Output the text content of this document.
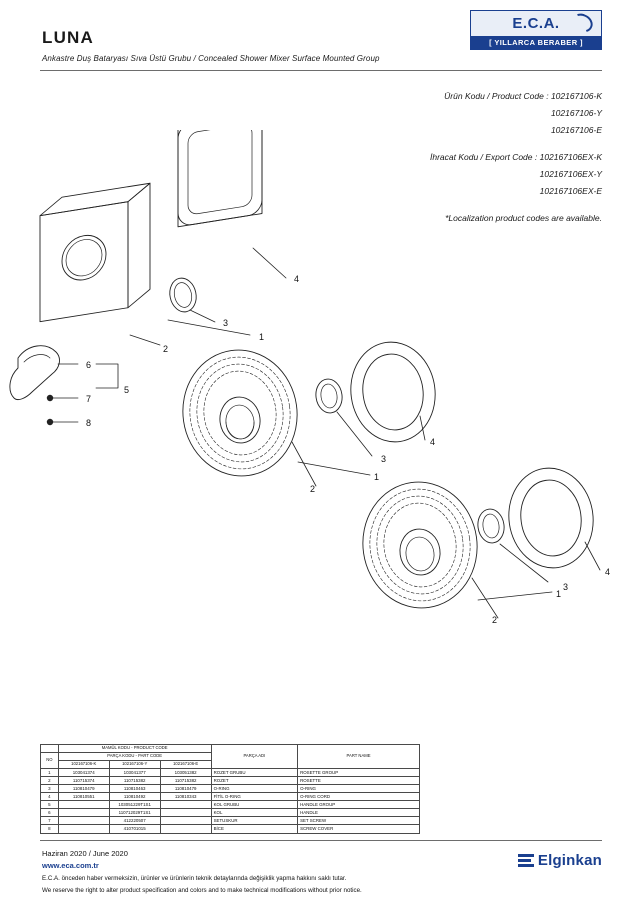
LUNA
Ankastre Duş Bataryası Sıva Üstü Grubu / Concealed Shower Mixer Surface Mounted Group
E.C.A.
[ YILLARCA BERABER ]
Ürün Kodu / Product Code : 102167106-K
102167106-Y
102167106-E
İhracat Kodu / Export Code : 102167106EX-K
102167106EX-Y
102167106EX-E
*Localization product codes are available.
4
3
2
1
6
5
7
8
4
3
2
1
4
3
2
1
	MAMÜL KODU - PRODUCT CODE			PARÇA ADI	PART NAME
NO	PARÇA KODU - PART CODE				
	102167106-K	102167106-Y	102167106-E		
1	103041374	103041377	103051382	ROZET GRUBU	ROSETTE GROUP
2	110715374	110715382	110715382	ROZET	ROSETTE
3	110810479	110810463	110810479	O-RING	O-RING
4	110810551	110810492	110810343	FİTİL O-RING	O-RING CORD
5		103051229T1S1		KOL GRUBU	HANDLE GROUP
6		110712029T1S1		KOL	HANDLE
7		412220507		SETUSKUR	SET SCREW
8		410701015		BİCE	SCREW COVER
Haziran 2020 / June 2020
www.eca.com.tr
E.C.A. önceden haber vermeksizin, ürünler ve ürünlerin teknik detaylarında değişiklik yapma hakkını saklı tutar.
We reserve the right to alter product specification and colors and to make technical modifications without prior notice.
Elginkan
